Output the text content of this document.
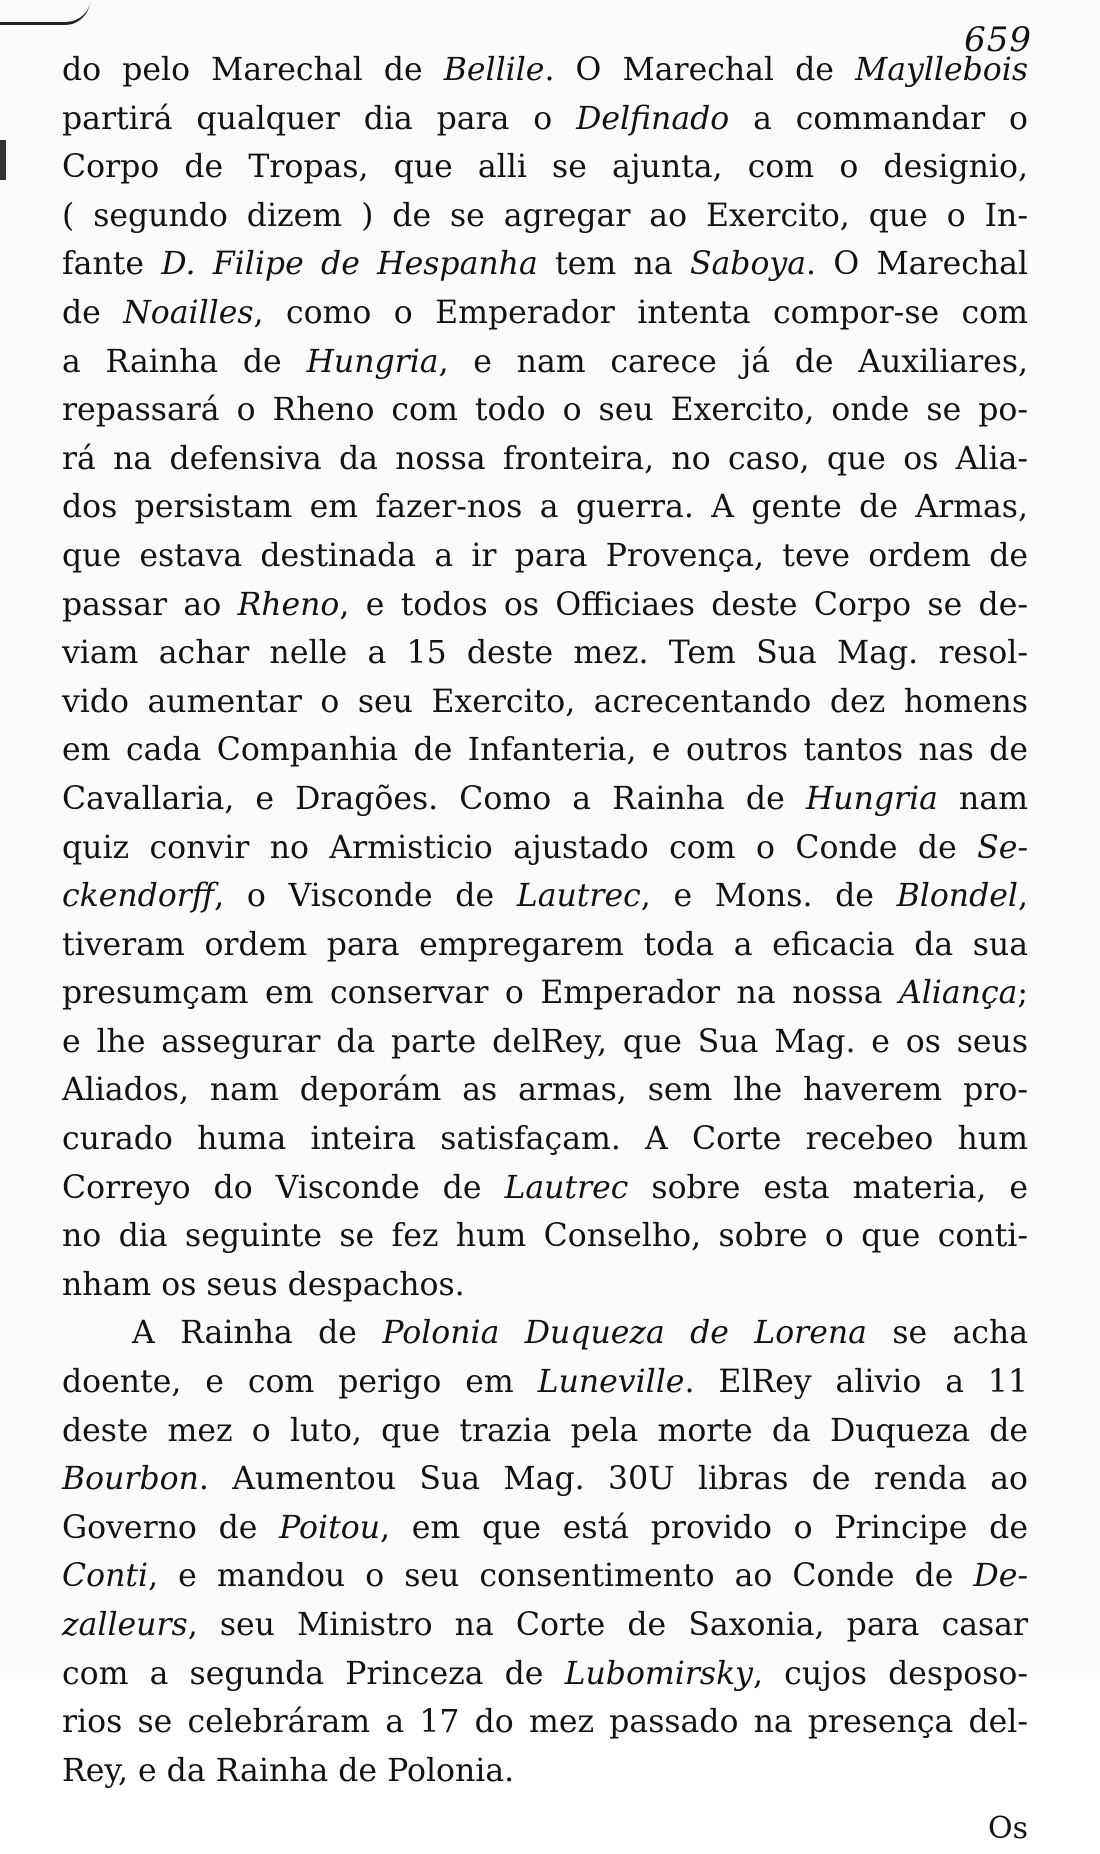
659
do pelo Marechal de Bellile. O Marechal de Mayllebois
partirá qualquer dia para o Delfinado a commandar o
Corpo de Tropas, que alli se ajunta, com o designio,
( segundo dizem ) de se agregar ao Exercito, que o In-
fante D. Filipe de Hespanha tem na Saboya. O Marechal
de Noailles, como o Emperador intenta compor-se com
a Rainha de Hungria, e nam carece já de Auxiliares,
repassará o Rheno com todo o seu Exercito, onde se po-
rá na defensiva da nossa fronteira, no caso, que os Alia-
dos persistam em fazer-nos a guerra. A gente de Armas,
que estava destinada a ir para Provença, teve ordem de
passar ao Rheno, e todos os Officiaes deste Corpo se de-
viam achar nelle a 15 deste mez. Tem Sua Mag. resol-
vido aumentar o seu Exercito, acrecentando dez homens
em cada Companhia de Infanteria, e outros tantos nas de
Cavallaria, e Dragões. Como a Rainha de Hungria nam
quiz convir no Armisticio ajustado com o Conde de Se-
ckendorff, o Visconde de Lautrec, e Mons. de Blondel,
tiveram ordem para empregarem toda a eficacia da sua
presumçam em conservar o Emperador na nossa Aliança;
e lhe assegurar da parte delRey, que Sua Mag. e os seus
Aliados, nam deporám as armas, sem lhe haverem pro-
curado huma inteira satisfaçam. A Corte recebeo hum
Correyo do Visconde de Lautrec sobre esta materia, e
no dia seguinte se fez hum Conselho, sobre o que conti-
nham os seus despachos.
A Rainha de Polonia Duqueza de Lorena se acha
doente, e com perigo em Luneville. ElRey alivio a 11
deste mez o luto, que trazia pela morte da Duqueza de
Bourbon. Aumentou Sua Mag. 30U libras de renda ao
Governo de Poitou, em que está provido o Principe de
Conti, e mandou o seu consentimento ao Conde de De-
zalleurs, seu Ministro na Corte de Saxonia, para casar
com a segunda Princeza de Lubomirsky, cujos desposo-
rios se celebráram a 17 do mez passado na presença del-
Rey, e da Rainha de Polonia.
Os
